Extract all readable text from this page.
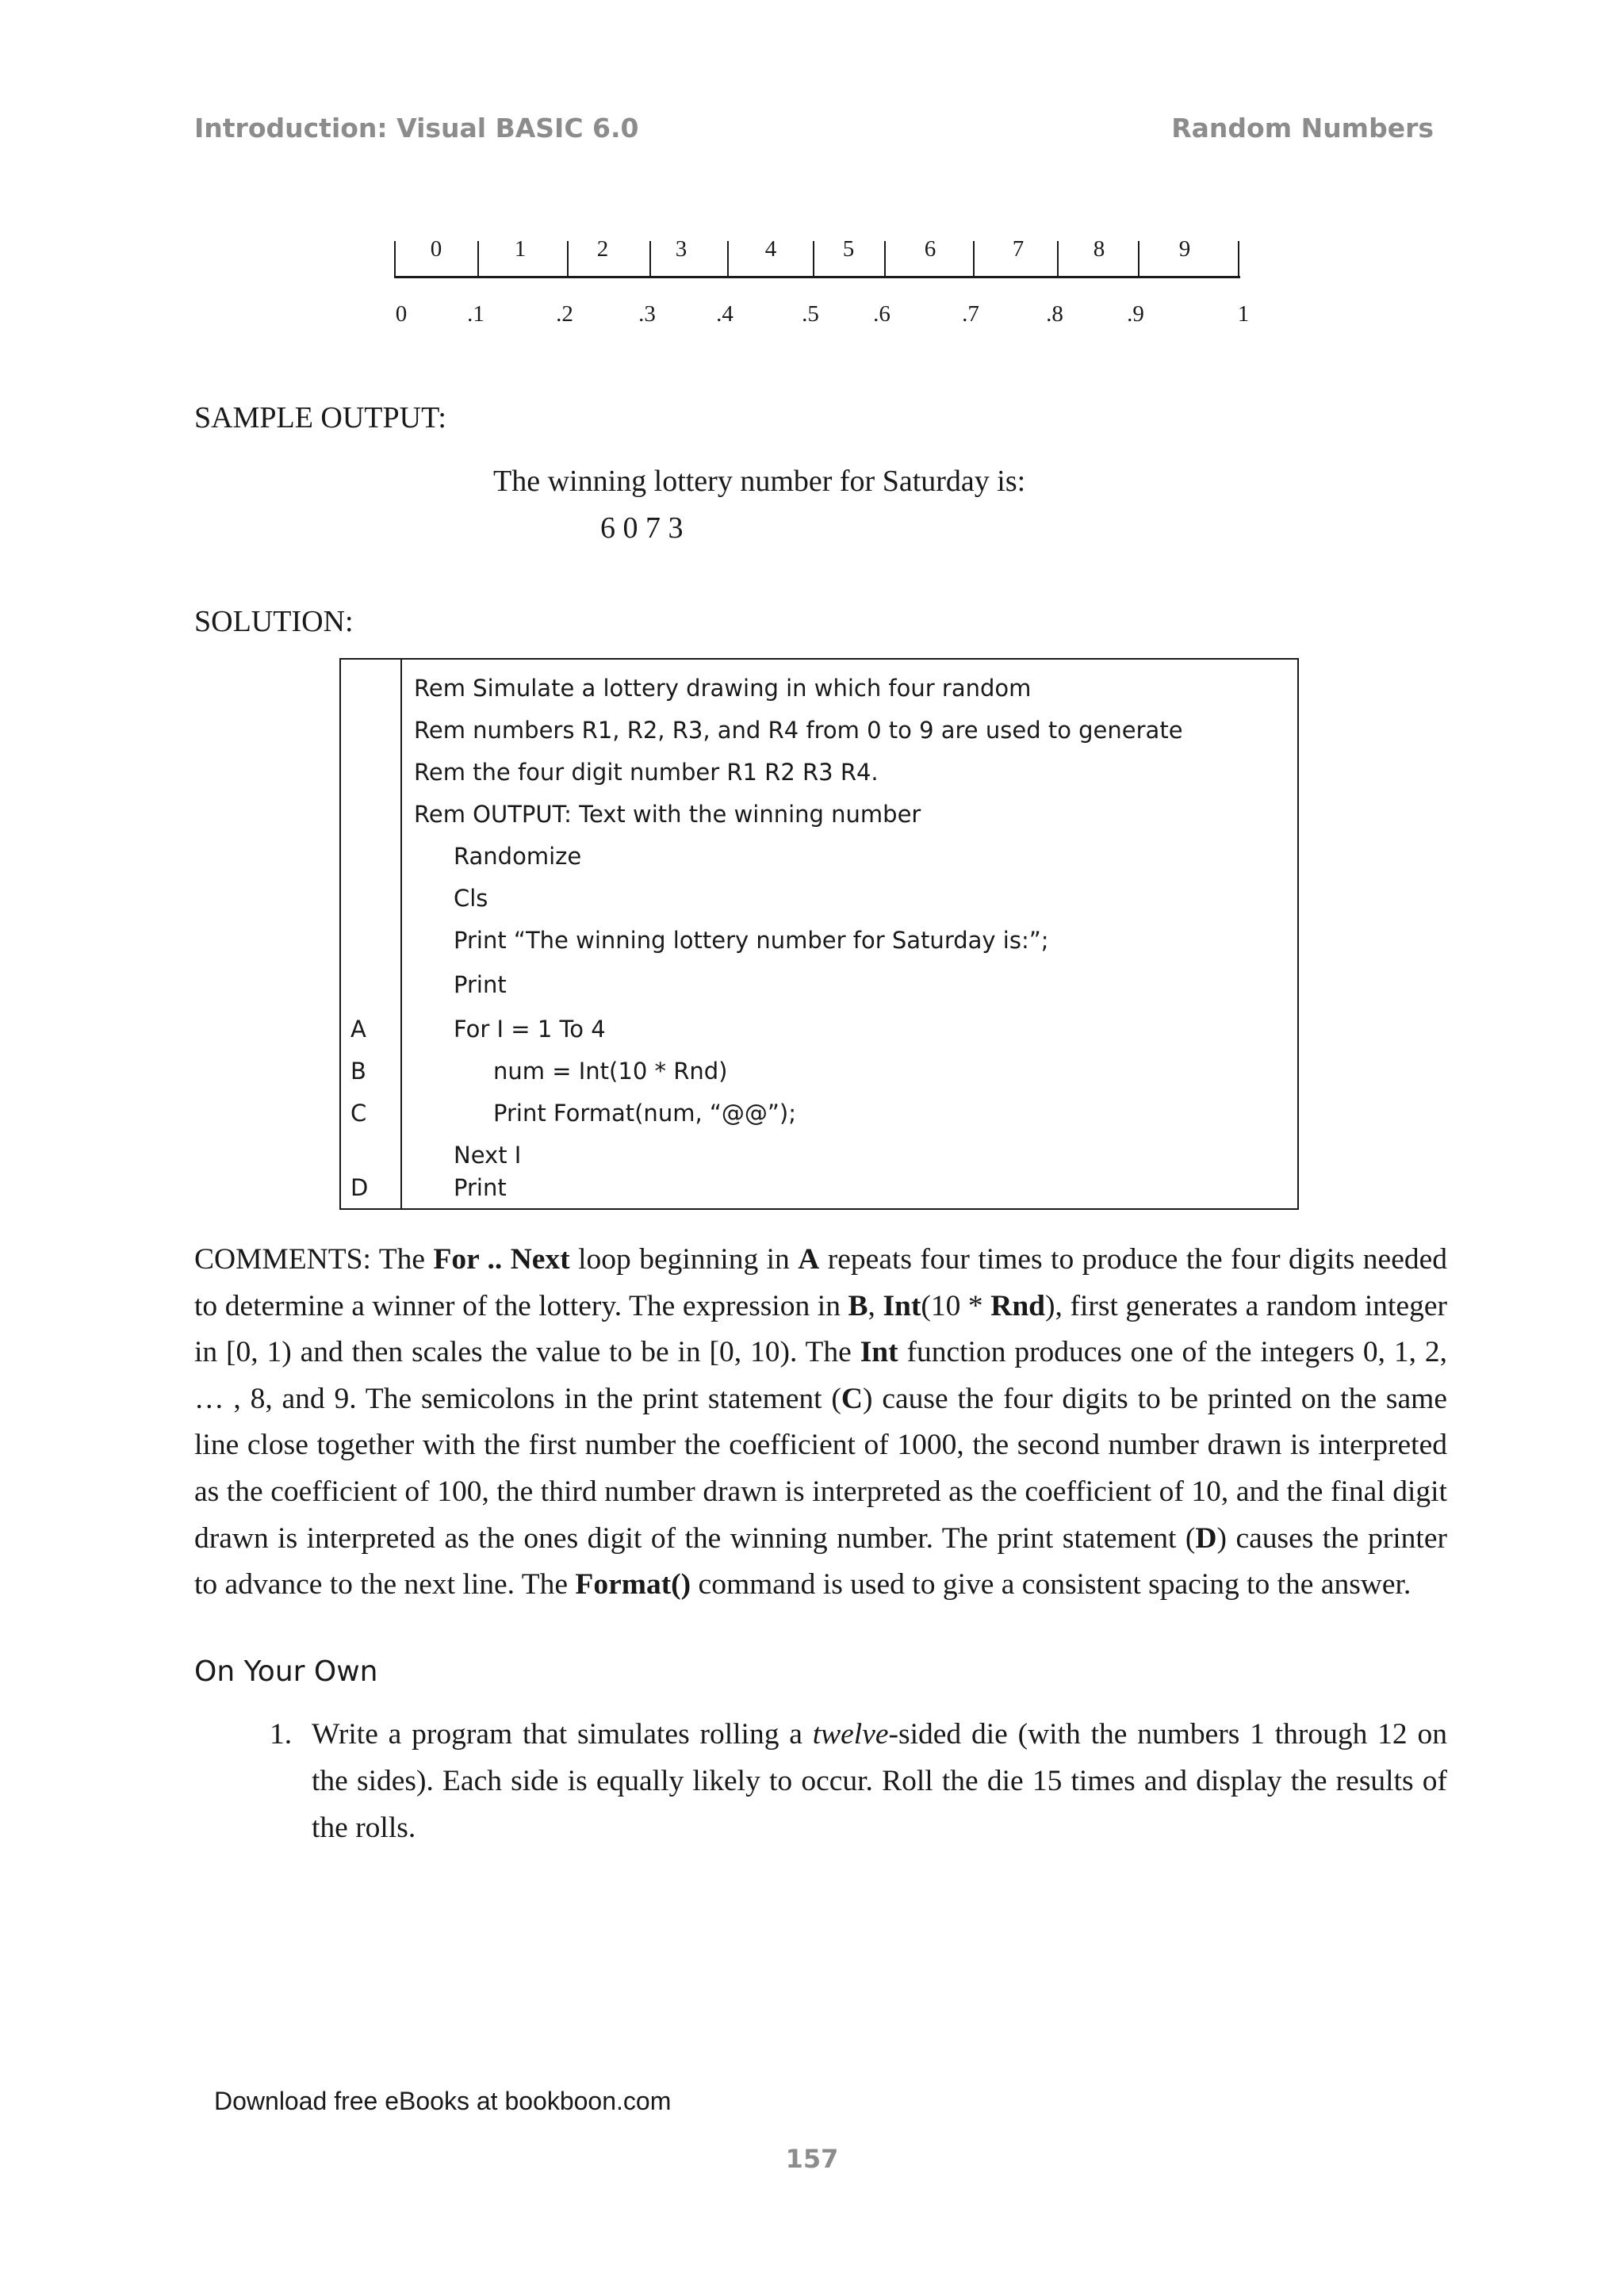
Introduction: Visual BASIC 6.0	Random Numbers
0	1	2	3	4	5	6	7	8	9
0	.1	.2	.3	.4	.5	.6	.7	.8	.9	1
SAMPLE OUTPUT:
The winning lottery number for Saturday is:
6 0 7 3
SOLUTION:
Rem Simulate a lottery drawing in which four random
Rem numbers R1, R2, R3, and R4 from 0 to 9 are used to generate
Rem the four digit number R1 R2 R3 R4.
Rem OUTPUT: Text with the winning number
Randomize
Cls
Print “The winning lottery number for Saturday is:”;
Print
A	For I = 1 To 4
B	num = Int(10 * Rnd)
C	Print Format(num, “@@”);
Next I
D	Print
COMMENTS: The For .. Next loop beginning in A repeats four times to produce the four digits needed to determine a winner of the lottery. The expression in B, Int(10 * Rnd), first generates a random integer in [0, 1) and then scales the value to be in [0, 10). The Int function produces one of the integers 0, 1, 2, … , 8, and 9. The semicolons in the print statement (C) cause the four digits to be printed on the same line close together with the first number the coefficient of 1000, the second number drawn is interpreted as the coefficient of 100, the third number drawn is interpreted as the coefficient of 10, and the final digit drawn is interpreted as the ones digit of the winning number. The print statement (D) causes the printer to advance to the next line. The Format() command is used to give a consistent spacing to the answer.
On Your Own
1. Write a program that simulates rolling a twelve-sided die (with the numbers 1 through 12 on the sides). Each side is equally likely to occur. Roll the die 15 times and display the results of the rolls.
Download free eBooks at bookboon.com
157
